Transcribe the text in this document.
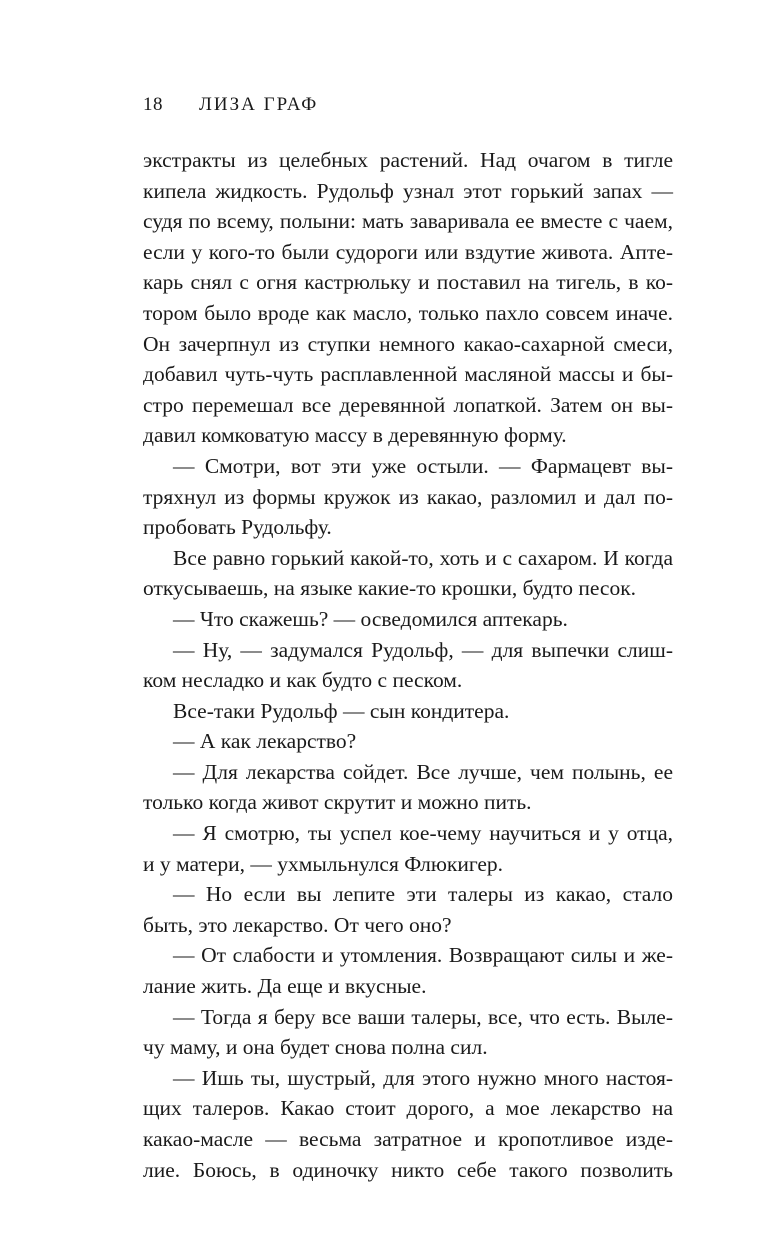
18 ЛИЗА ГРАФ
экстракты из целебных растений. Над очагом в тигле
кипела жидкость. Рудольф узнал этот горький запах —
судя по всему, полыни: мать заваривала ее вместе с чаем,
если у кого-то были судороги или вздутие живота. Апте-
карь снял с огня кастрюльку и поставил на тигель, в ко-
тором было вроде как масло, только пахло совсем иначе.
Он зачерпнул из ступки немного какао-сахарной смеси,
добавил чуть-чуть расплавленной масляной массы и бы-
стро перемешал все деревянной лопаткой. Затем он вы-
давил комковатую массу в деревянную форму.
— Смотри, вот эти уже остыли. — Фармацевт вы-
тряхнул из формы кружок из какао, разломил и дал по-
пробовать Рудольфу.
Все равно горький какой-то, хоть и с сахаром. И когда
откусываешь, на языке какие-то крошки, будто песок.
— Что скажешь? — осведомился аптекарь.
— Ну, — задумался Рудольф, — для выпечки слиш-
ком несладко и как будто с песком.
Все-таки Рудольф — сын кондитера.
— А как лекарство?
— Для лекарства сойдет. Все лучше, чем полынь, ее
только когда живот скрутит и можно пить.
— Я смотрю, ты успел кое-чему научиться и у отца,
и у матери, — ухмыльнулся Флюкигер.
— Но если вы лепите эти талеры из какао, стало
быть, это лекарство. От чего оно?
— От слабости и утомления. Возвращают силы и же-
лание жить. Да еще и вкусные.
— Тогда я беру все ваши талеры, все, что есть. Выле-
чу маму, и она будет снова полна сил.
— Ишь ты, шустрый, для этого нужно много настоя-
щих талеров. Какао стоит дорого, а мое лекарство на
какао-масле — весьма затратное и кропотливое изде-
лие. Боюсь, в одиночку никто себе такого позволить
